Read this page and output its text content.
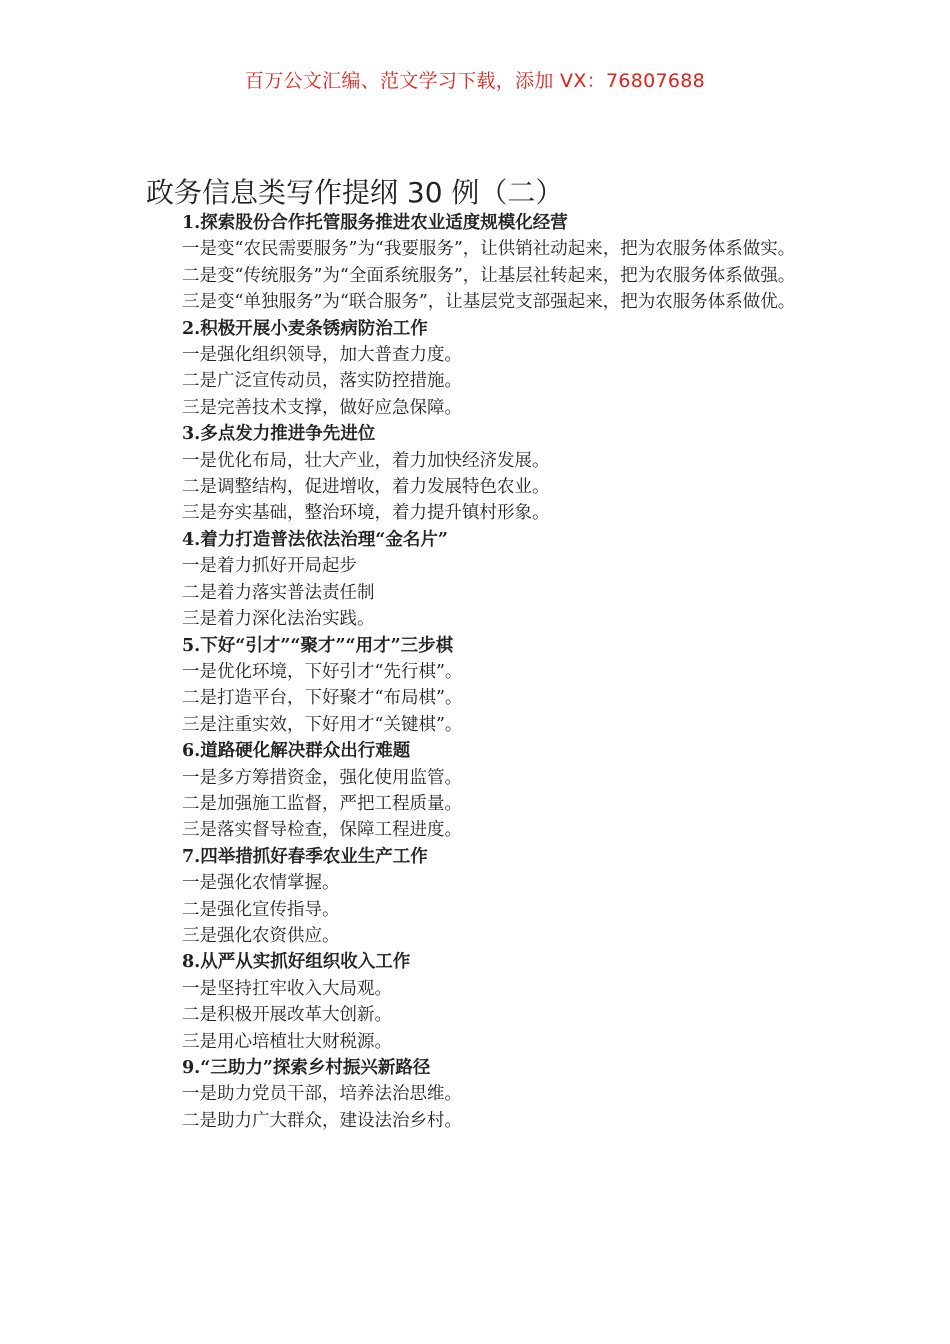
百万公文汇编、范文学习下载，添加 VX：76807688
政务信息类写作提纲 30 例（二）

1.探索股份合作托管服务推进农业适度规模化经营

一是变“农民需要服务”为“我要服务”，让供销社动起来，把为农服务体系做实。

二是变“传统服务”为“全面系统服务”，让基层社转起来，把为农服务体系做强。

三是变“单独服务”为“联合服务”，让基层党支部强起来，把为农服务体系做优。

2.积极开展小麦条锈病防治工作

一是强化组织领导，加大普查力度。

二是广泛宣传动员，落实防控措施。

三是完善技术支撑，做好应急保障。

3.多点发力推进争先进位

一是优化布局，壮大产业，着力加快经济发展。

二是调整结构，促进增收，着力发展特色农业。

三是夯实基础，整治环境，着力提升镇村形象。

4.着力打造普法依法治理“金名片”

一是着力抓好开局起步

二是着力落实普法责任制

三是着力深化法治实践。

5.下好“引才”“聚才”“用才”三步棋

一是优化环境，下好引才“先行棋”。

二是打造平台，下好聚才“布局棋”。

三是注重实效，下好用才“关键棋”。

6.道路硬化解决群众出行难题

一是多方筹措资金，强化使用监管。

二是加强施工监督，严把工程质量。

三是落实督导检查，保障工程进度。

7.四举措抓好春季农业生产工作

一是强化农情掌握。

二是强化宣传指导。

三是强化农资供应。

8.从严从实抓好组织收入工作

一是坚持扛牢收入大局观。

二是积极开展改革大创新。

三是用心培植壮大财税源。

9.“三助力”探索乡村振兴新路径

一是助力党员干部，培养法治思维。

二是助力广大群众，建设法治乡村。
